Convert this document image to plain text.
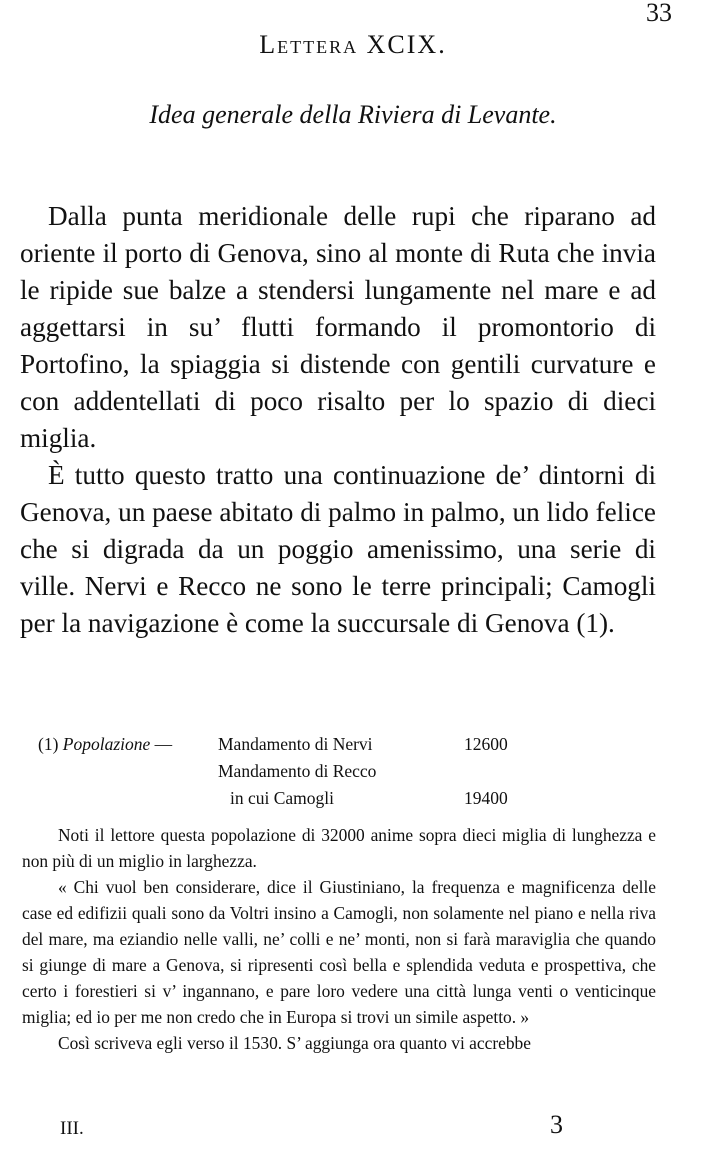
33
Lettera XCIX.
Idea generale della Riviera di Levante.

Dalla punta meridionale delle rupi che riparano ad oriente il porto di Genova, sino al monte di Ruta che invia le ripide sue balze a stendersi lungamente nel mare e ad aggettarsi in su’ flutti formando il promontorio di Portofino, la spiaggia si distende con gentili curvature e con addentellati di poco risalto per lo spazio di dieci miglia.

È tutto questo tratto una continuazione de’ dintorni di Genova, un paese abitato di palmo in palmo, un lido felice che si digrada da un poggio amenissimo, una serie di ville. Nervi e Recco ne sono le terre principali; Camogli per la navigazione è come la succursale di Genova (1).

(1) Popolazione —	Mandamento di Nervi	12600
	Mandamento di Recco	
	in cui Camogli	19400

Noti il lettore questa popolazione di 32000 anime sopra dieci miglia di lunghezza e non più di un miglio in larghezza.

« Chi vuol ben considerare, dice il Giustiniano, la frequenza e magnificenza delle case ed edifizii quali sono da Voltri insino a Camogli, non solamente nel piano e nella riva del mare, ma eziandio nelle valli, ne’ colli e ne’ monti, non si farà maraviglia che quando si giunge di mare a Genova, si ripresenti così bella e splendida veduta e prospettiva, che certo i forestieri si v’ ingannano, e pare loro vedere una città lunga venti o venticinque miglia; ed io per me non credo che in Europa si trovi un simile aspetto. »

Così scriveva egli verso il 1530. S’ aggiunga ora quanto vi accrebbe

III.	3
